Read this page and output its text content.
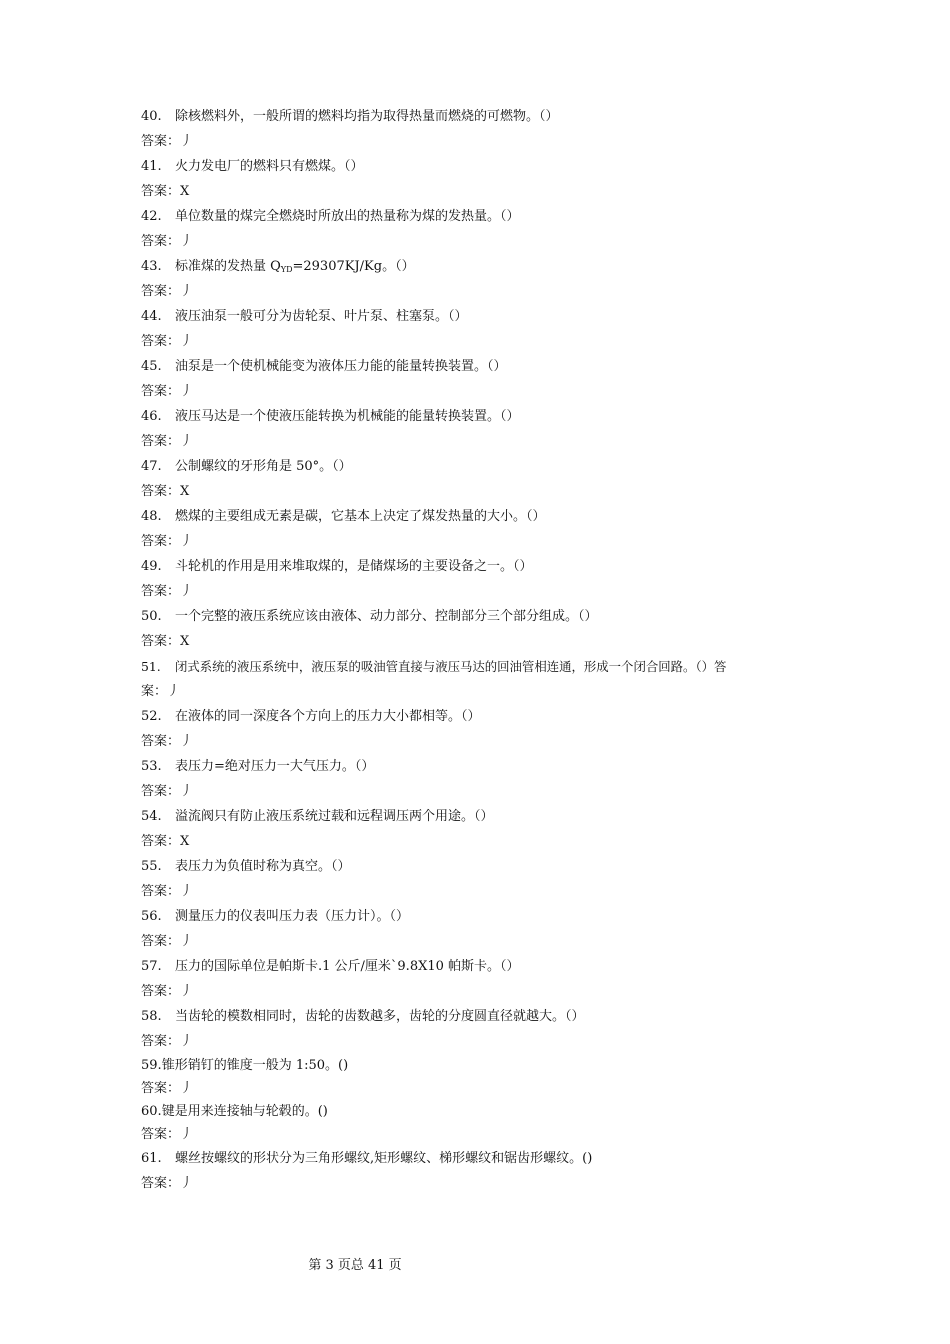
40. 除核燃料外，一般所谓的燃料均指为取得热量而燃烧的可燃物。（）
答案：丿
41. 火力发电厂的燃料只有燃煤。（）
答案：X
42. 单位数量的煤完全燃烧时所放出的热量称为煤的发热量。（）
答案：丿
43. 标准煤的发热量 $Q_{YD}=29307KJ/Kg$。（）
答案：丿
44. 液压油泵一般可分为齿轮泵、叶片泵、柱塞泵。（）
答案：丿
45. 油泵是一个使机械能变为液体压力能的能量转换装置。（）
答案：丿
46. 液压马达是一个使液压能转换为机械能的能量转换装置。（）
答案：丿
47. 公制螺纹的牙形角是 50°。（）
答案：X
48. 燃煤的主要组成无素是碳，它基本上决定了煤发热量的大小。（）
答案：丿
49. 斗轮机的作用是用来堆取煤的，是储煤场的主要设备之一。（）
答案：丿
50. 一个完整的液压系统应该由液体、动力部分、控制部分三个部分组成。（）
答案：X
51. 闭式系统的液压系统中，液压泵的吸油管直接与液压马达的回油管相连通，形成一个闭合回路。（）答
案：丿
52. 在液体的同一深度各个方向上的压力大小都相等。（）
答案：丿
53. 表压力=绝对压力一大气压力。（）
答案：丿
54. 溢流阀只有防止液压系统过载和远程调压两个用途。（）
答案：X
55. 表压力为负值时称为真空。（）
答案：丿
56. 测量压力的仪表叫压力表（压力计）。（）
答案：丿
57. 压力的国际单位是帕斯卡.1 公斤/厘米`9.8X10 帕斯卡。（）
答案：丿
58. 当齿轮的模数相同时，齿轮的齿数越多，齿轮的分度圆直径就越大。（）
答案：丿
59.锥形销钉的锥度一般为 1:50。()
答案：丿
60.键是用来连接轴与轮毂的。()
答案：丿
61. 螺丝按螺纹的形状分为三角形螺纹,矩形螺纹、梯形螺纹和锯齿形螺纹。()
答案：丿
第 3 页总 41 页
